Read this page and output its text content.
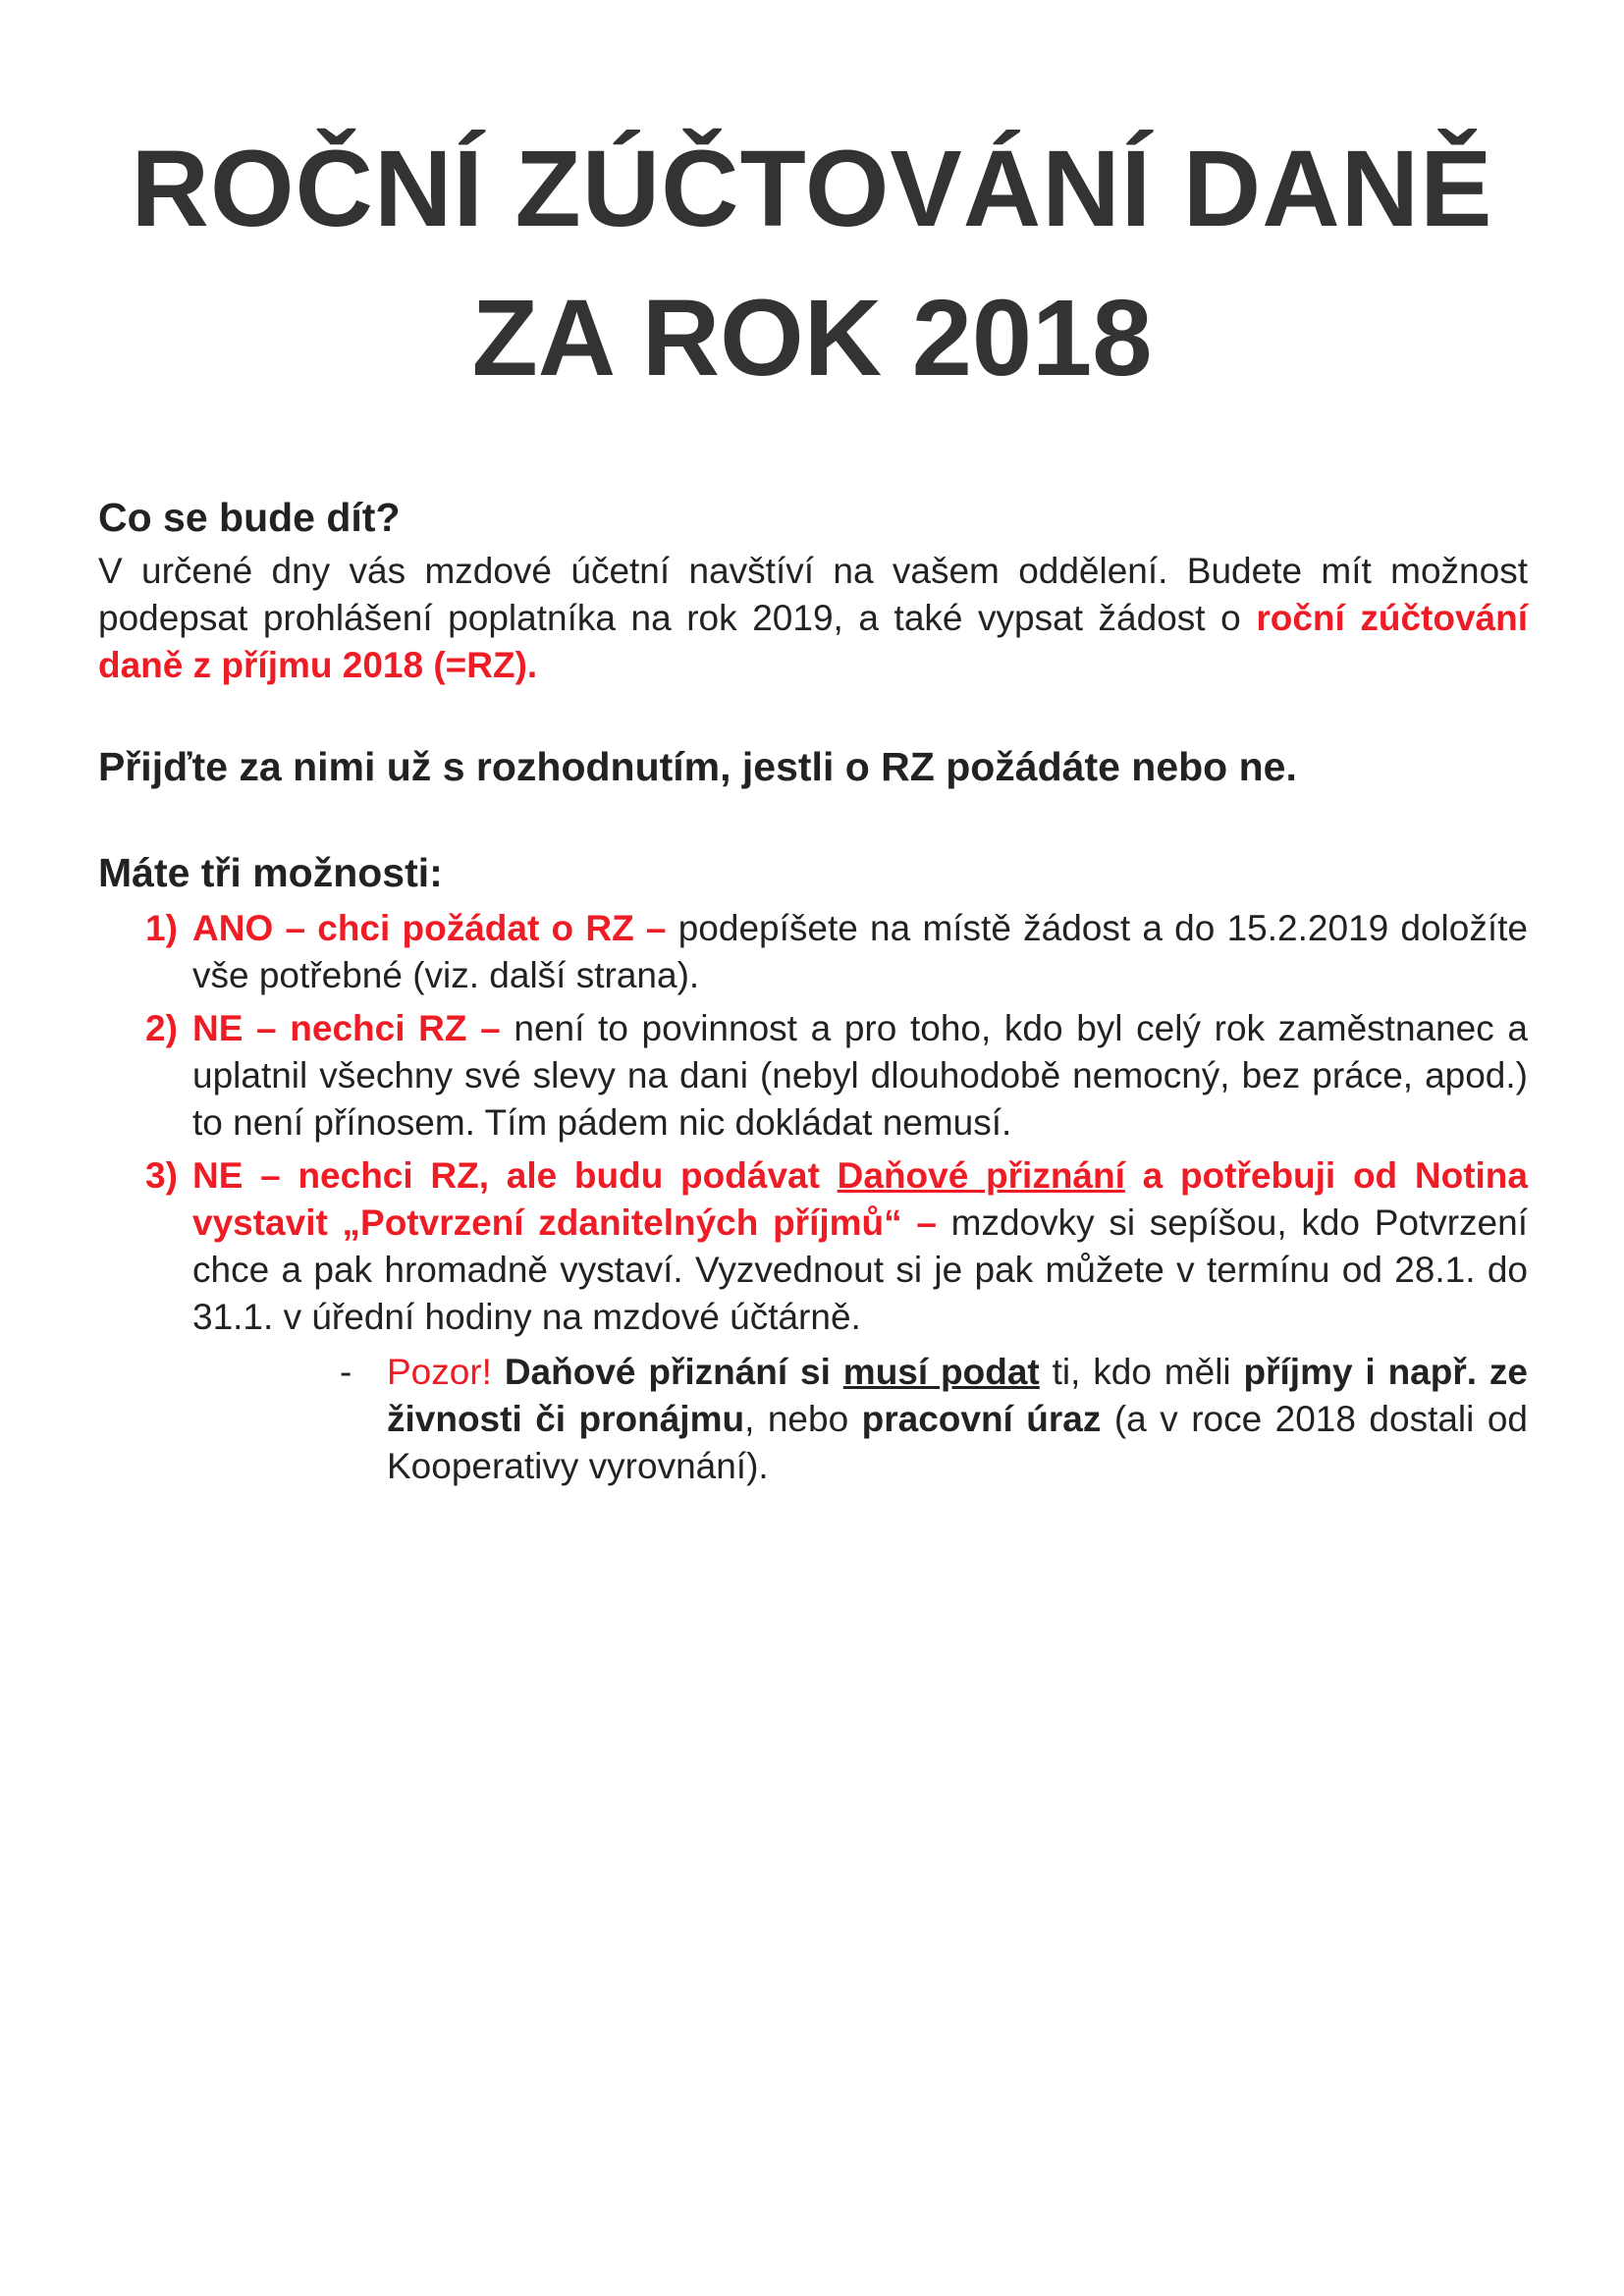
ROČNÍ ZÚČTOVÁNÍ DANĚ
ZA ROK 2018

Co se bude dít?

V určené dny vás mzdové účetní navštíví na vašem oddělení. Budete mít možnost podepsat prohlášení poplatníka na rok 2019, a také vypsat žádost o roční zúčtování daně z příjmu 2018 (=RZ).

Přijďte za nimi už s rozhodnutím, jestli o RZ požádáte nebo ne.

Máte tři možnosti:

1) ANO – chci požádat o RZ – podepíšete na místě žádost a do 15.2.2019 doložíte vše potřebné (viz. další strana).
2) NE – nechci RZ – není to povinnost a pro toho, kdo byl celý rok zaměstnanec a uplatnil všechny své slevy na dani (nebyl dlouhodobě nemocný, bez práce, apod.) to není přínosem. Tím pádem nic dokládat nemusí.
3) NE – nechci RZ, ale budu podávat Daňové přiznání a potřebuji od Notina vystavit „Potvrzení zdanitelných příjmů“ – mzdovky si sepíšou, kdo Potvrzení chce a pak hromadně vystaví. Vyzvednout si je pak můžete v termínu od 28.1. do 31.1. v úřední hodiny na mzdové účtárně.
- Pozor! Daňové přiznání si musí podat ti, kdo měli příjmy i např. ze živnosti či pronájmu, nebo pracovní úraz (a v roce 2018 dostali od Kooperativy vyrovnání).
